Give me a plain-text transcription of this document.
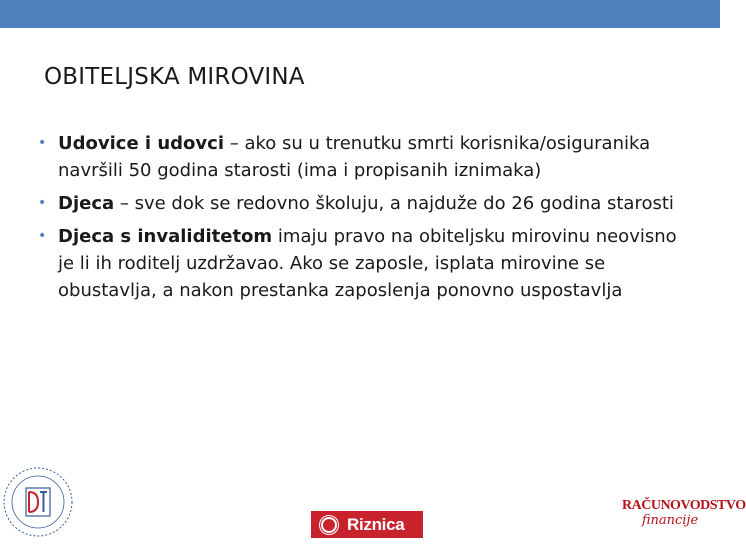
OBITELJSKA MIROVINA
• Udovice i udovci – ako su u trenutku smrti korisnika/osiguranika navršili 50 godina starosti (ima i propisanih iznimaka)
• Djeca – sve dok se redovno školuju, a najduže do 26 godina starosti
• Djeca s invaliditetom imaju pravo na obiteljsku mirovinu neovisno je li ih roditelj uzdržavao. Ako se zaposle, isplata mirovine se obustavlja, a nakon prestanka zaposlenja ponovno uspostavlja
Riznica
RAČUNOVODSTVO
financije
